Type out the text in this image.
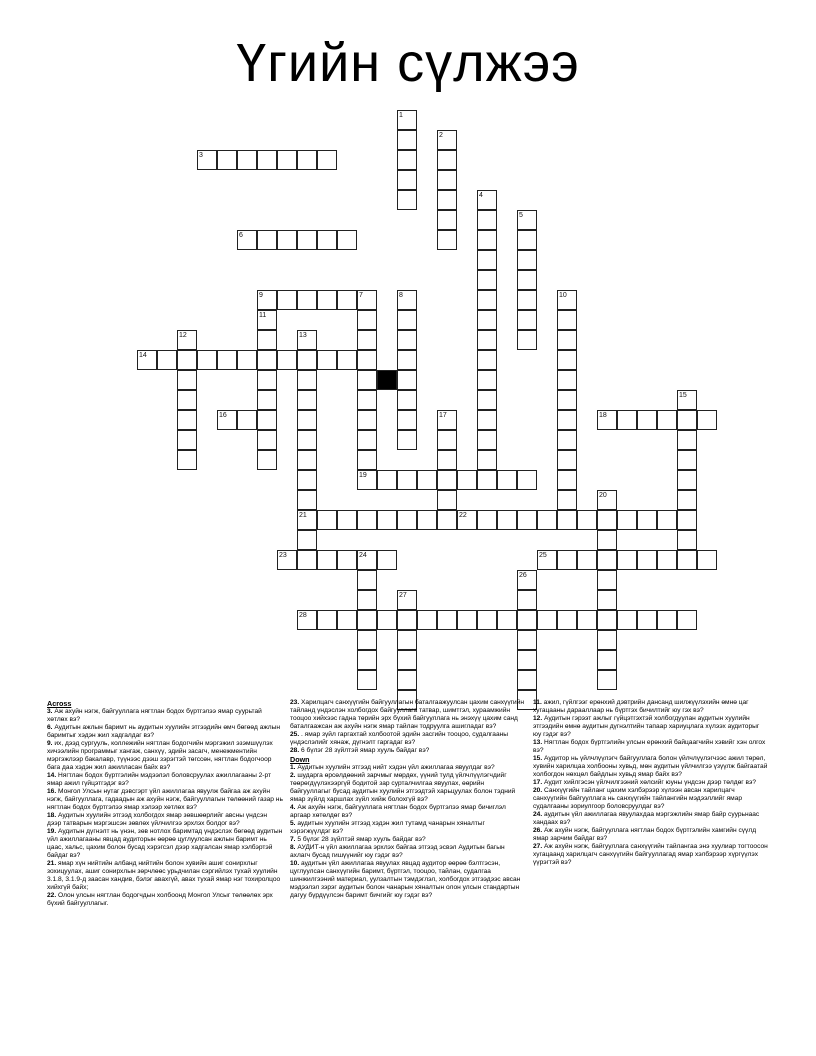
Үгийн сүлжээ
3
6
9
14
16	18
19
21	22
23	25
28
1
2
4
5
7	8	10
11
12	13
15
17
20
24
26
27
Across

3. Аж ахуйн нэгж, байгууллага нягтлан бодох бүртгэлээ ямар суурьтай хөтлөх вэ?

6. Аудитын ажлын баримт нь аудитын хуулийн этгээдийн өмч бөгөөд ажлын баримтыг хэдэн жил хадгалдаг вэ?

9. их, дээд сургууль, коллежийн нягтлан бодогчийн мэргэжил эзэмшүүлэх хичээлийн программыг хангаж, санхүү, эдийн засагч, менежментийн мэргэжлээр бакалавр, түүнээс дээш зэрэгтэй төгссөн, нягтлан бодогчоор бага даа хэдэн жил ажилласан байх вэ?

14. Нягтлан бодох бүртгэлийн мэдээлэл боловсруулах ажиллагааны 2-рт ямар ажил гүйцэтгэдэг вэ?

16. Монгол Улсын нутаг дэвсгэрт үйл ажиллагаа явуулж байгаа аж ахуйн нэгж, байгууллага, гадаадын аж ахуйн нэгж, байгууллагын төлөөний газар нь нягтлан бодох бүртгэлээ ямар хэлээр хөтлөх вэ?

18. Аудитын хуулийн этгээд холбогдох ямар зөвшөөрлийг авсны үндсэн дээр татварын мэргэшсэн зөвлөх үйлчилгээ эрхлэх болдог вэ?

19. Аудитын дүгнэлт нь үнэн, зөв нотлох баримтад үндэслэх бөгөөд аудитын үйл ажиллагааны явцад аудиторын өөрөө цуглуулсан ажлын баримт нь цаас, хальс, цахим болон бусад хэрэгсэл дээр хадгалсан ямар хэлбэртэй байдаг вэ?

21. ямар хүн нийтийн албанд нийтийн болон хувийн ашиг сонирхлыг зохицуулах, ашиг сонирхлын зөрчлөөс урьдчилан сэргийлэх тухай хуулийн 3.1.8, 3.1.9-д заасан хандив, бэлэг авахгүй, авах тухай ямар нэг тохиролцоо хийхгүй байх;

22. Олон улсын нягтлан бодогчдын холбоонд Монгол Улсыг төлөөлөх эрх бүхий байгууллагыг.

23. Харилцагч санхүүгийн байгууллагын баталгаажуулсан цахим санхүүгийн тайланд үндэслэн холбогдох байгууллага татвар, шимтгэл, хураамжийн тооцоо хийхээс гадна төрийн эрх бүхий байгууллага нь энэхүү цахим санд баталгаажсан аж ахуйн нэгж ямар тайлан тодруулга ашигладаг вэ?

25. . ямар зүйл гаргахтай холбоотой эдийн засгийн тооцоо, судалгааны үндэслэлийг хянаж, дүгнэлт гаргадаг вэ?

28. 6 бүлэг 28 зүйлтэй ямар хууль байдаг вэ?

Down

1. Аудитын хуулийн этгээд нийт хэдэн үйл ажиллагаа явуулдаг вэ?

2. шударга өрсөлдөөний зарчмыг мөрдөх, үүний тулд үйлчлүүлэгчдийг төөрөгдүүлэхээргүй бодитой зар сурталчилгаа явуулах, өөрийн байгууллагыг бусад аудитын хуулийн этгээдтэй харьцуулах болон тэдний ямар зүйлд харшлах зүйл хийж болохгүй вэ?

4. Аж ахуйн нэгж, байгууллага нягтлан бодох бүртгэлээ ямар бичиглэл аргаар хөтөлдөг вэ?

5. аудитын хуулийн этгээд хэдэн жил тутамд чанарын хяналтыг хэрэгжүүлдэг вэ?

7. 5 бүлэг 28 зүйлтэй ямар хууль байдаг вэ?

8. АУДИТ-н үйл ажиллагаа эрхлэх байгаа этгээд эсвэл Аудитын багын ахлагч бусад гишүүнийг юу гэдэг вэ?

10. аудитын үйл ажиллагаа явуулах явцад аудитор өөрөө бэлтгэсэн, цуглуулсан санхүүгийн баримт, бүртгэл, тооцоо, тайлан, судалгаа шинжилгээний материал, уулзалтын тэмдэглэл, холбогдох этгээдээс авсан мэдээлэл зэрэг аудитын болон чанарын хяналтын олон улсын стандартын дагуу бүрдүүлсэн баримт бичгийг юу гэдэг вэ?

11. ажил, гүйлгээг ерөнхий дэвтрийн дансанд шилжүүлэхийн өмнө цаг хугацааны дарааллаар нь бүртгэх бичилтийг юу гэх вэ?

12. Аудитын гэрээт ажлыг гүйцэтгэхтэй холбогдуулан аудитын хуулийн этгээдийн өмнө аудитын дүгнэлтийн тапаар хариуцлага хүлээх аудиторыг юу гэдэг вэ?

13. Нягтлан бодох бүртгэлийн улсын ерөнхий байцаагчийн хэвийг хэн олгох вэ?

15. Аудитор нь үйлчлүүлэгч байгууллага болон үйлчлүүлэгчээс ажил төрөл, хувийн харилцаа холбооны хувьд, мөн аудитын үйлчилгээ үзүүлж байгаатай холбогдон нөхцөл байдлын хувьд ямар байх вэ?

17. Аудит хийлгэсэн үйлчилгээний хөлсийг юуны үндсэн дээр төлдөг вэ?

20. Санхүүгийн тайланг цахим хэлбэрээр хүлээн авсан харилцагч санхүүгийн байгууллага нь санхүүгийн тайлангийн мэдээллийг ямар судалгааны зориулгоор боловсруулдаг вэ?

24. аудитын үйл ажиллагаа явуулахдаа мэргэжлийн ямар байр суурьнаас хандаах вэ?

26. Аж ахуйн нэгж, байгууллага нягтлан бодох бүртгэлийн хамгийн сүүлд ямар зарчим байдаг вэ?

27. Аж ахуйн нэгж, байгууллага санхүүгийн тайлангаа энэ хуулиар тогтоосон хугацаанд харилцагч санхүүгийн байгууллагад ямар хэлбэрээр хүргүүлэх үүрэгтэй вэ?
